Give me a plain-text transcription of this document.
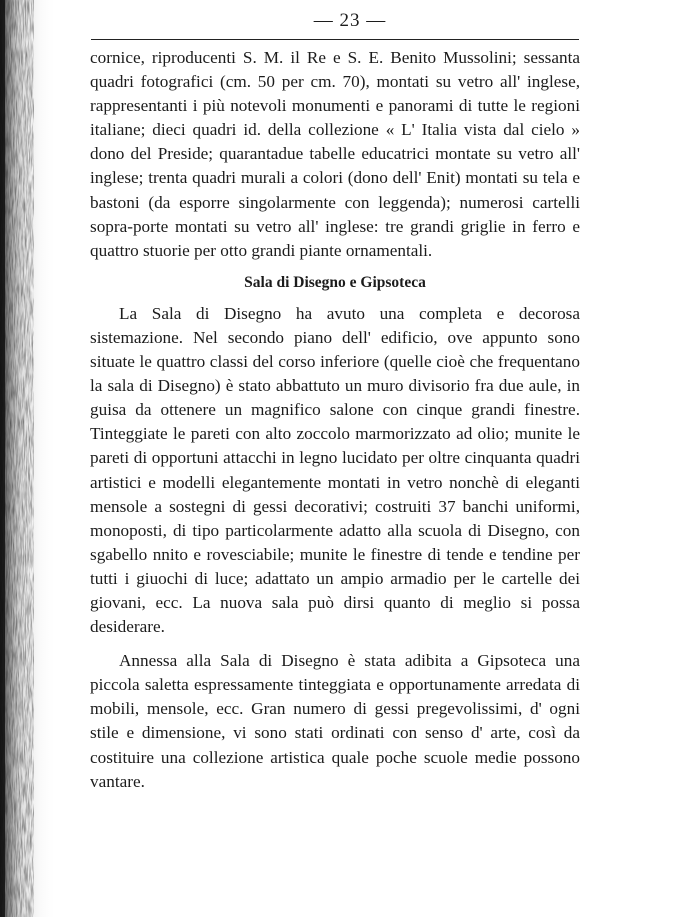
— 23 —

cornice, riproducenti S. M. il Re e S. E. Benito Mussolini; sessanta quadri fotografici (cm. 50 per cm. 70), montati su vetro all' inglese, rappresentanti i più notevoli monumenti e panorami di tutte le regioni italiane; dieci quadri id. della collezione « L' Italia vista dal cielo » dono del Preside; quarantadue tabelle educatrici montate su vetro all' inglese; trenta quadri murali a colori (dono dell' Enit) montati su tela e bastoni (da esporre singolarmente con leggenda); numerosi cartelli sopra-porte montati su vetro all' inglese: tre grandi griglie in ferro e quattro stuorie per otto grandi piante ornamentali.

Sala di Disegno e Gipsoteca

La Sala di Disegno ha avuto una completa e decorosa sistemazione. Nel secondo piano dell' edificio, ove appunto sono situate le quattro classi del corso inferiore (quelle cioè che frequentano la sala di Disegno) è stato abbattuto un muro divisorio fra due aule, in guisa da ottenere un magnifico salone con cinque grandi finestre. Tinteggiate le pareti con alto zoccolo marmorizzato ad olio; munite le pareti di opportuni attacchi in legno lucidato per oltre cinquanta quadri artistici e modelli elegantemente montati in vetro nonchè di eleganti mensole a sostegni di gessi decorativi; costruiti 37 banchi uniformi, monoposti, di tipo particolarmente adatto alla scuola di Disegno, con sgabello nnito e rovesciabile; munite le finestre di tende e tendine per tutti i giuochi di luce; adattato un ampio armadio per le cartelle dei giovani, ecc. La nuova sala può dirsi quanto di meglio si possa desiderare.

Annessa alla Sala di Disegno è stata adibita a Gipsoteca una piccola saletta espressamente tinteggiata e opportunamente arredata di mobili, mensole, ecc. Gran numero di gessi pregevolissimi, d' ogni stile e dimensione, vi sono stati ordinati con senso d' arte, così da costituire una collezione artistica quale poche scuole medie possono vantare.
